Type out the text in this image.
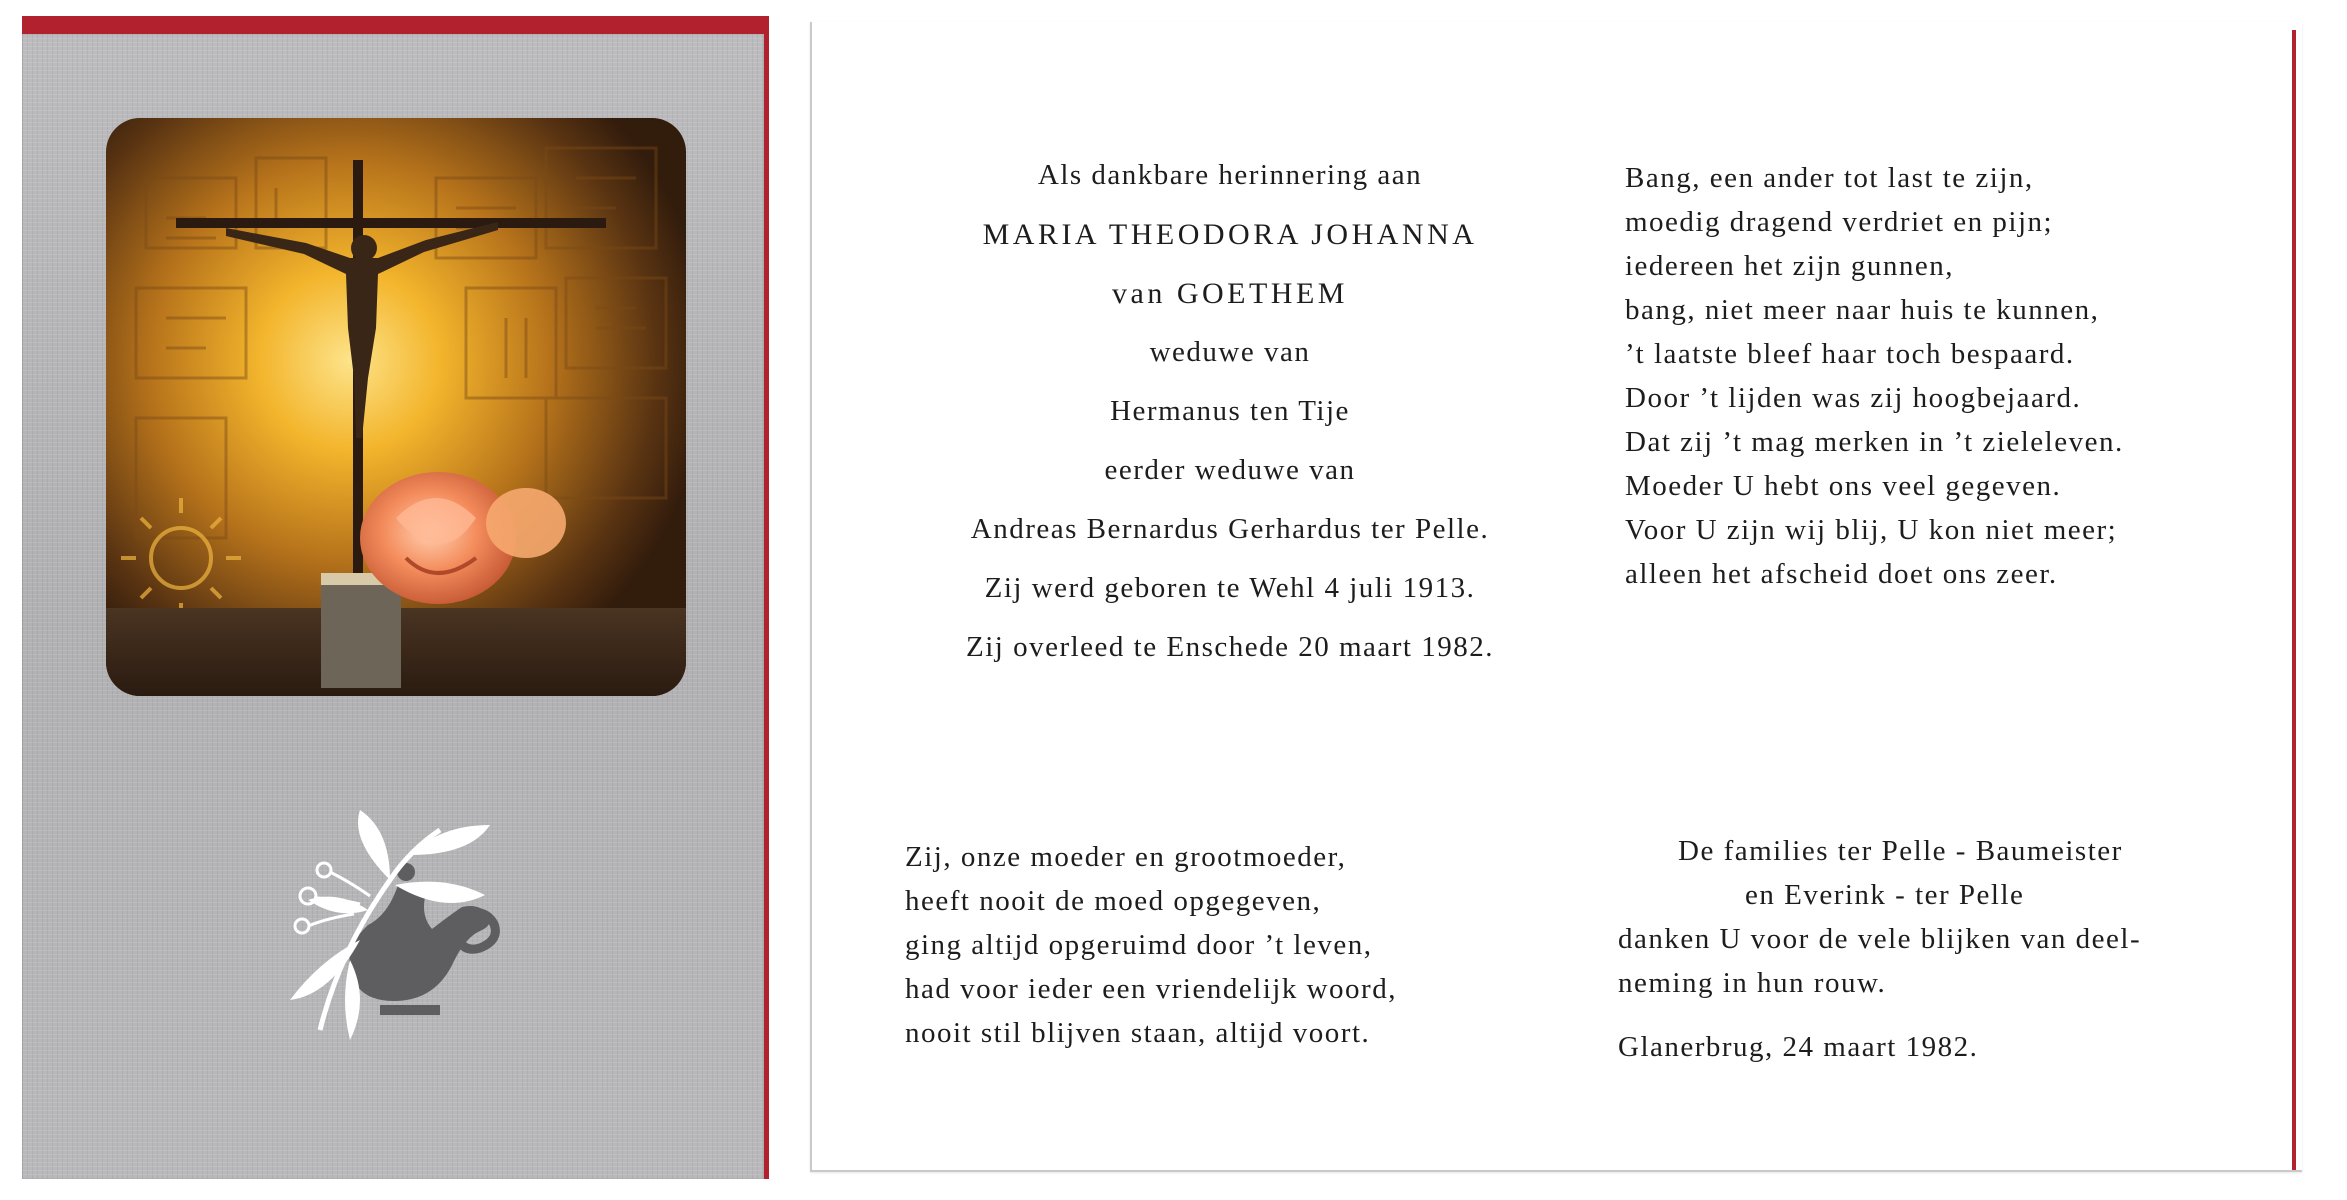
Als dankbare herinnering aan
MARIA THEODORA JOHANNA
van GOETHEM
weduwe van
Hermanus ten Tije
eerder weduwe van
Andreas Bernardus Gerhardus ter Pelle.
Zij werd geboren te Wehl 4 juli 1913.
Zij overleed te Enschede 20 maart 1982.
Bang, een ander tot last te zijn,
moedig dragend verdriet en pijn;
iedereen het zijn gunnen,
bang, niet meer naar huis te kunnen,
’t laatste bleef haar toch bespaard.
Door ’t lijden was zij hoogbejaard.
Dat zij ’t mag merken in ’t zieleleven.
Moeder U hebt ons veel gegeven.
Voor U zijn wij blij, U kon niet meer;
alleen het afscheid doet ons zeer.
Zij, onze moeder en grootmoeder,
heeft nooit de moed opgegeven,
ging altijd opgeruimd door ’t leven,
had voor ieder een vriendelijk woord,
nooit stil blijven staan, altijd voort.
De families ter Pelle - Baumeister
en Everink - ter Pelle
danken U voor de vele blijken van deel-
neming in hun rouw.
Glanerbrug, 24 maart 1982.
